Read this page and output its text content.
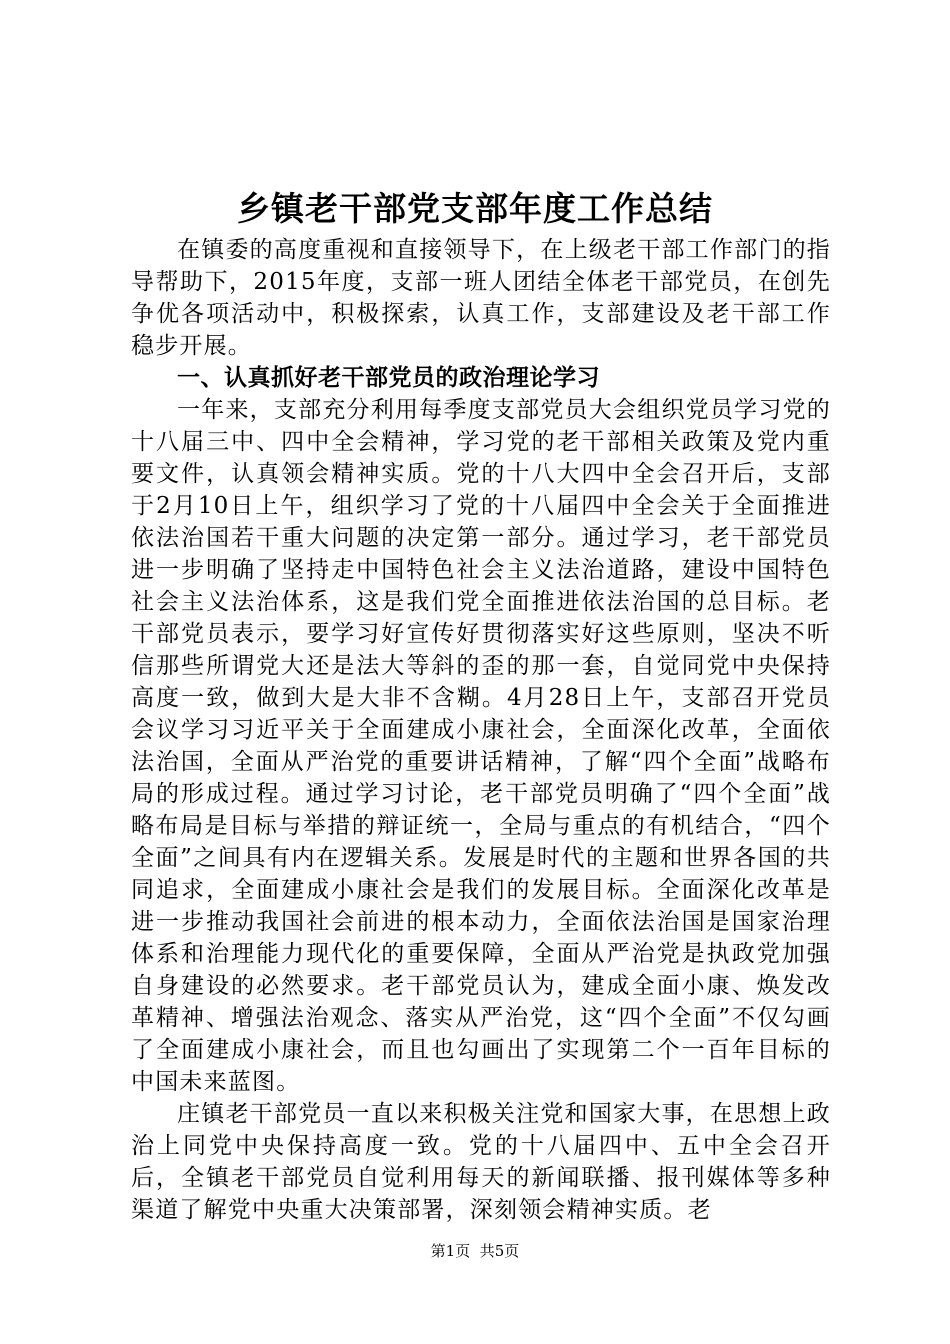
乡镇老干部党支部年度工作总结

在镇委的高度重视和直接领导下，在上级老干部工作部门的指导帮助下，2015年度，支部一班人团结全体老干部党员，在创先争优各项活动中，积极探索，认真工作，支部建设及老干部工作稳步开展。

一、认真抓好老干部党员的政治理论学习

一年来，支部充分利用每季度支部党员大会组织党员学习党的十八届三中、四中全会精神，学习党的老干部相关政策及党内重要文件，认真领会精神实质。党的十八大四中全会召开后，支部于2月10日上午，组织学习了党的十八届四中全会关于全面推进依法治国若干重大问题的决定第一部分。通过学习，老干部党员进一步明确了坚持走中国特色社会主义法治道路，建设中国特色社会主义法治体系，这是我们党全面推进依法治国的总目标。老干部党员表示，要学习好宣传好贯彻落实好这些原则，坚决不听信那些所谓党大还是法大等斜的歪的那一套，自觉同党中央保持高度一致，做到大是大非不含糊。4月28日上午，支部召开党员会议学习习近平关于全面建成小康社会，全面深化改革，全面依法治国，全面从严治党的重要讲话精神，了解“四个全面”战略布局的形成过程。通过学习讨论，老干部党员明确了“四个全面”战略布局是目标与举措的辩证统一，全局与重点的有机结合，“四个全面”之间具有内在逻辑关系。发展是时代的主题和世界各国的共同追求，全面建成小康社会是我们的发展目标。全面深化改革是进一步推动我国社会前进的根本动力，全面依法治国是国家治理体系和治理能力现代化的重要保障，全面从严治党是执政党加强自身建设的必然要求。老干部党员认为，建成全面小康、焕发改革精神、增强法治观念、落实从严治党，这“四个全面”不仅勾画了全面建成小康社会，而且也勾画出了实现第二个一百年目标的中国未来蓝图。

庄镇老干部党员一直以来积极关注党和国家大事，在思想上政治上同党中央保持高度一致。党的十八届四中、五中全会召开后，全镇老干部党员自觉利用每天的新闻联播、报刊媒体等多种渠道了解党中央重大决策部署，深刻领会精神实质。老

第1页 共5页
